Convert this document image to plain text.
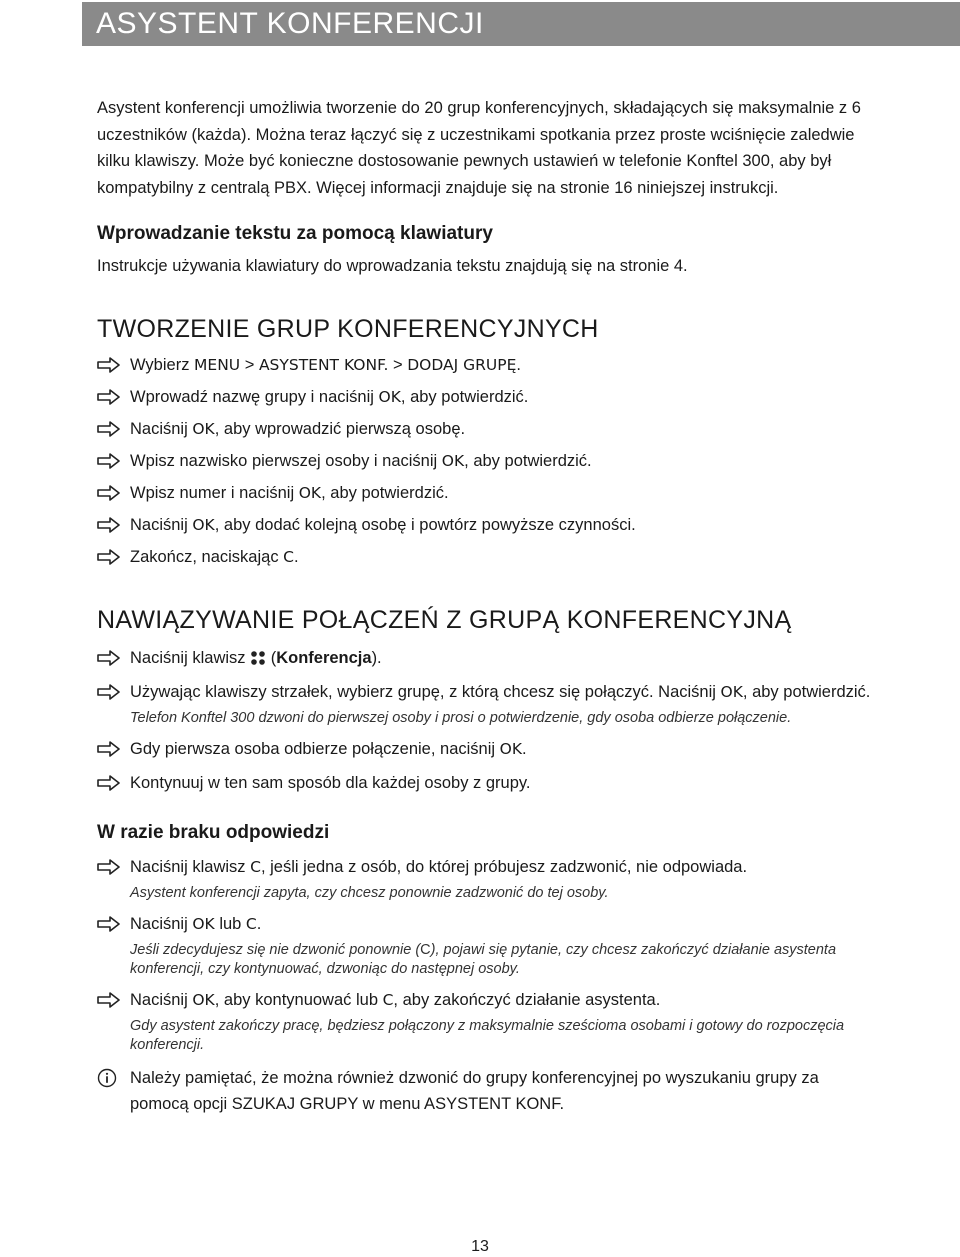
ASYSTENT KONFERENCJI

Asystent konferencji umożliwia tworzenie do 20 grup konferencyjnych, składających się maksymalnie z 6 uczestników (każda). Można teraz łączyć się z uczestnikami spotkania przez proste wciśnięcie zaledwie kilku klawiszy. Może być konieczne dostosowanie pewnych ustawień w telefonie Konftel 300, aby był kompatybilny z centralą PBX. Więcej informacji znajduje się na stronie 16 niniejszej instrukcji.

Wprowadzanie tekstu za pomocą klawiatury

Instrukcje używania klawiatury do wprowadzania tekstu znajdują się na stronie 4.

TWORZENIE GRUP KONFERENCYJNYCH

Wybierz MENU > ASYSTENT KONF. > DODAJ GRUPĘ.
Wprowadź nazwę grupy i naciśnij OK, aby potwierdzić.
Naciśnij OK, aby wprowadzić pierwszą osobę.
Wpisz nazwisko pierwszej osoby i naciśnij OK, aby potwierdzić.
Wpisz numer i naciśnij OK, aby potwierdzić.
Naciśnij OK, aby dodać kolejną osobę i powtórz powyższe czynności.
Zakończ, naciskając C.

NAWIĄZYWANIE POŁĄCZEŃ Z GRUPĄ KONFERENCYJNĄ

Naciśnij klawisz  (Konferencja).
Używając klawiszy strzałek, wybierz grupę, z którą chcesz się połączyć. Naciśnij OK, aby potwierdzić.
Telefon Konftel 300 dzwoni do pierwszej osoby i prosi o potwierdzenie, gdy osoba odbierze połączenie.
Gdy pierwsza osoba odbierze połączenie, naciśnij OK.
Kontynuuj w ten sam sposób dla każdej osoby z grupy.

W razie braku odpowiedzi

Naciśnij klawisz C, jeśli jedna z osób, do której próbujesz zadzwonić, nie odpowiada.
Asystent konferencji zapyta, czy chcesz ponownie zadzwonić do tej osoby.
Naciśnij OK lub C.
Jeśli zdecydujesz się nie dzwonić ponownie (C), pojawi się pytanie, czy chcesz zakończyć działanie asystenta konferencji, czy kontynuować, dzwoniąc do następnej osoby.
Naciśnij OK, aby kontynuować lub C, aby zakończyć działanie asystenta.
Gdy asystent zakończy pracę, będziesz połączony z maksymalnie sześcioma osobami i gotowy do rozpoczęcia konferencji.
Należy pamiętać, że można również dzwonić do grupy konferencyjnej po wyszukaniu grupy za pomocą opcji SZUKAJ GRUPY w menu ASYSTENT KONF.
13
